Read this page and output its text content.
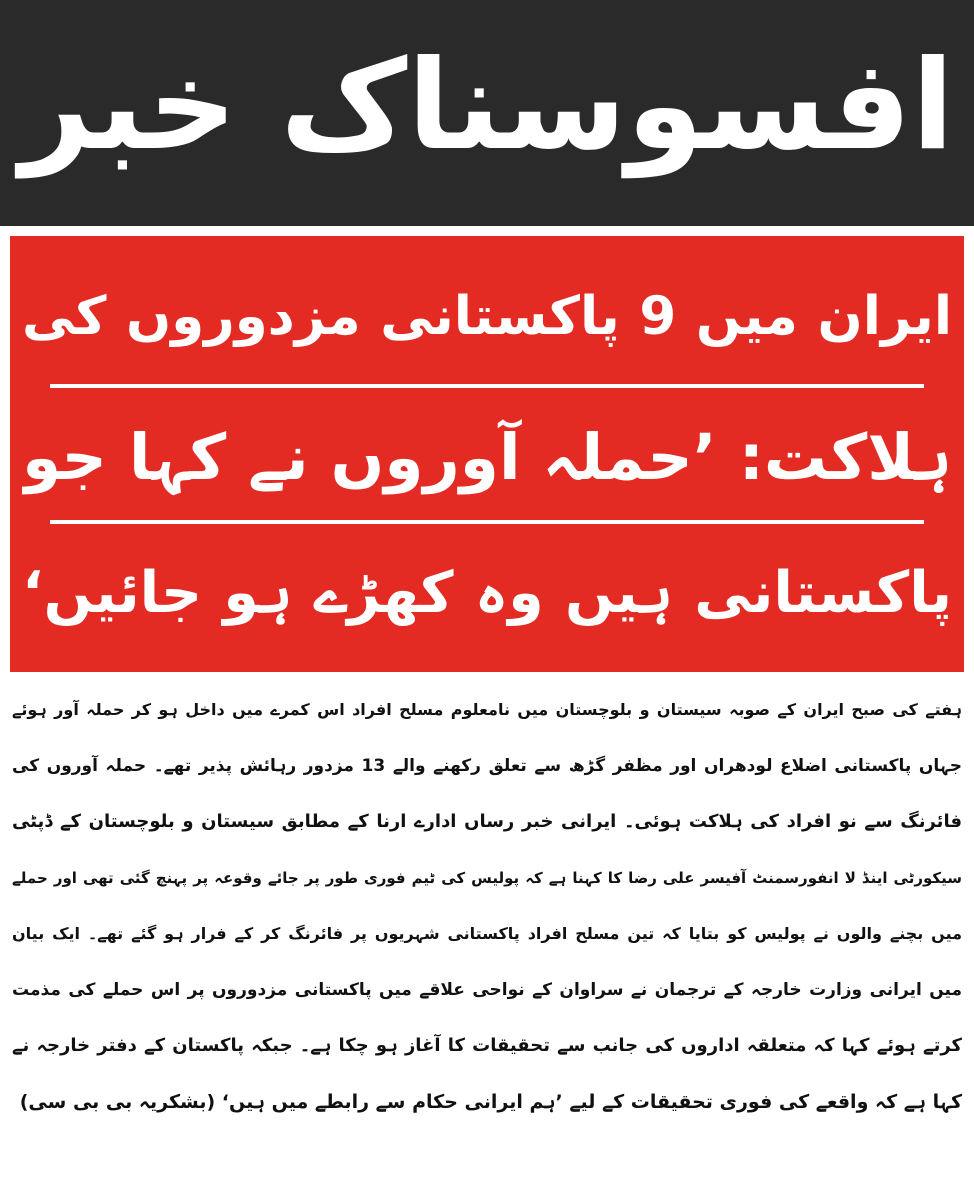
افسوسناک خبر
ایران میں 9 پاکستانی مزدوروں کی
ہلاکت: ’حملہ آوروں نے کہا جو
پاکستانی ہیں وہ کھڑے ہو جائیں‘
ہفتے کی صبح ایران کے صوبہ سیستان و بلوچستان میں نامعلوم مسلح افراد اس کمرے میں داخل ہو کر حملہ آور ہوئے
جہاں پاکستانی اضلاع لودھراں اور مظفر گڑھ سے تعلق رکھنے والے 13 مزدور رہائش پذیر تھے۔ حملہ آوروں کی
فائرنگ سے نو افراد کی ہلاکت ہوئی۔ ایرانی خبر رساں ادارے ارنا کے مطابق سیستان و بلوچستان کے ڈپٹی
سیکورٹی اینڈ لا انفورسمنٹ آفیسر علی رضا کا کہنا ہے کہ پولیس کی ٹیم فوری طور پر جائے وقوعہ پر پہنچ گئی تھی اور حملے
میں بچنے والوں نے پولیس کو بتایا کہ تین مسلح افراد پاکستانی شہریوں پر فائرنگ کر کے فرار ہو گئے تھے۔ ایک بیان
میں ایرانی وزارت خارجہ کے ترجمان نے سراوان کے نواحی علاقے میں پاکستانی مزدوروں پر اس حملے کی مذمت
کرتے ہوئے کہا کہ متعلقہ اداروں کی جانب سے تحقیقات کا آغاز ہو چکا ہے۔ جبکہ پاکستان کے دفتر خارجہ نے
کہا ہے کہ واقعے کی فوری تحقیقات کے لیے ’ہم ایرانی حکام سے رابطے میں ہیں‘ (بشکریہ بی بی سی)
